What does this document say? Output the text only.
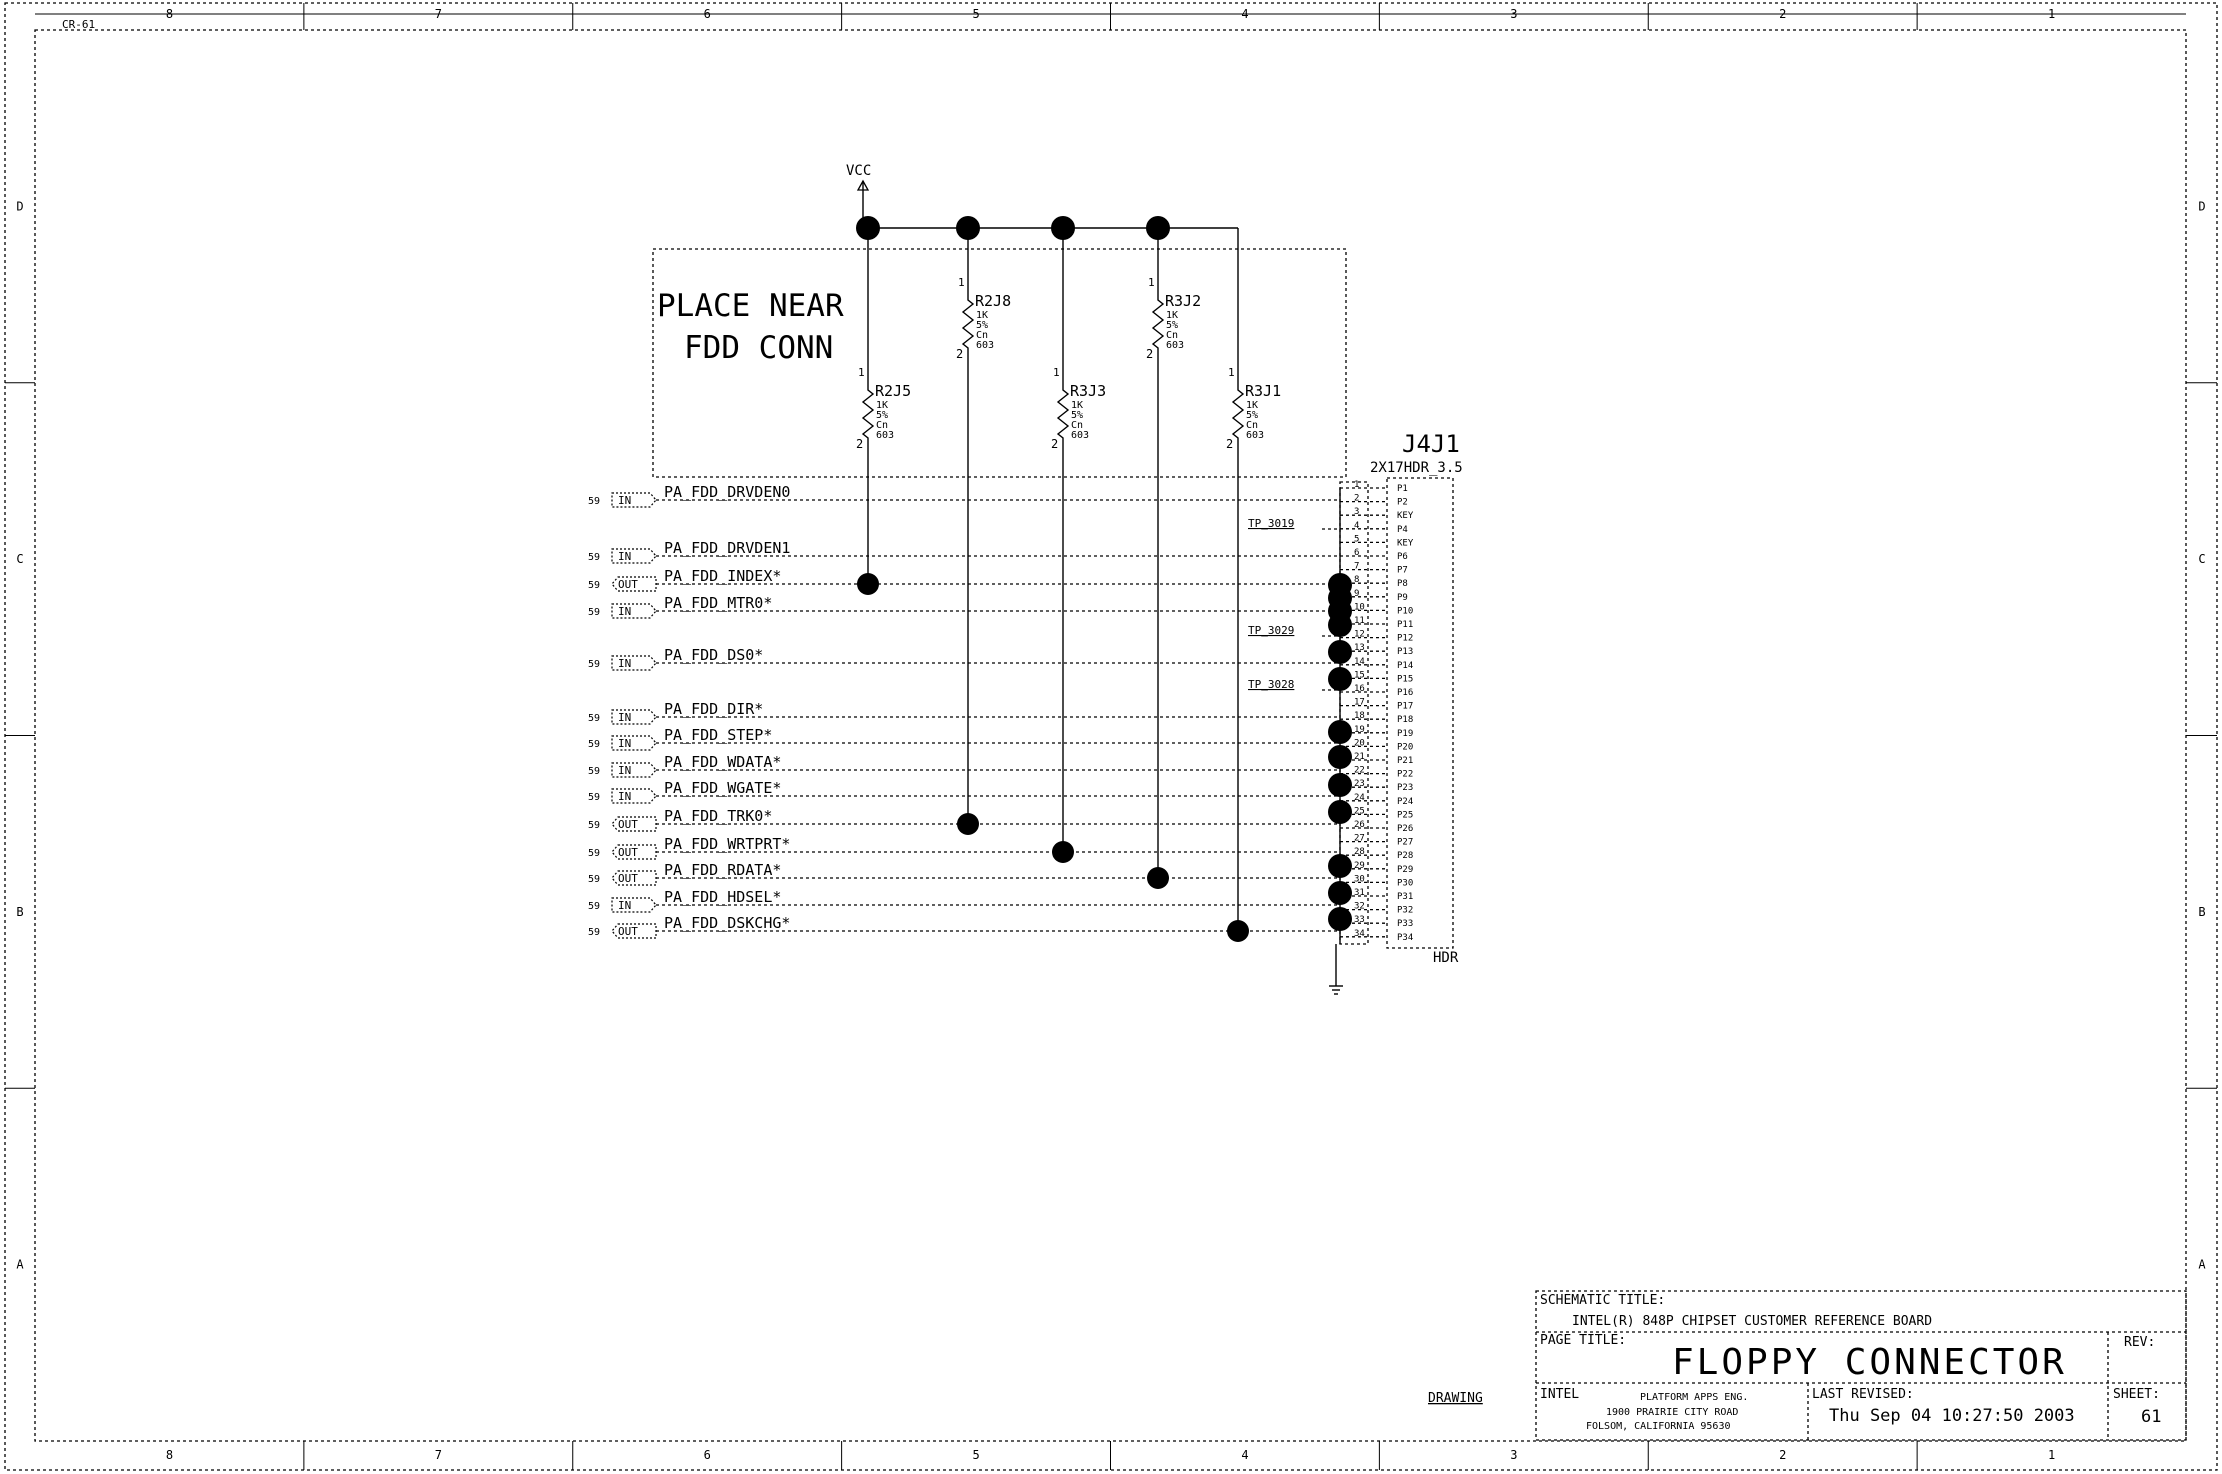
CR-61
8
8
7
7
6
6
5
5
4
4
3
3
2
2
1
1
D	D
C	C
B	B
A	A
VCC
PLACE NEAR
FDD CONN
1
2
R2J5
1K
5%
Cn
603
1
2
R2J8
1K
5%
Cn
603
1
2
R3J3
1K
5%
Cn
603
1
2
R3J2
1K
5%
Cn
603
1
2
R3J1
1K
5%
Cn
603
TP_3019
TP_3029
TP_3028
59 IN PA_FDD_DRVDEN0
59 IN PA_FDD_DRVDEN1
59 OUT PA_FDD_INDEX*
59 IN PA_FDD_MTR0*
59 IN PA_FDD_DS0*
59 IN PA_FDD_DIR*
59 IN PA_FDD_STEP*
59 IN PA_FDD_WDATA*
59 IN PA_FDD_WGATE*
59 OUT PA_FDD_TRK0*
59 OUT PA_FDD_WRTPRT*
59 OUT PA_FDD_RDATA*
59 IN PA_FDD_HDSEL*
59 OUT PA_FDD_DSKCHG*
J4J1
2X17HDR_3.5
HDR
1	P1
2	P2
3	KEY
4	P4
5	KEY
6	P6
7	P7
8	P8
9	P9
10	P10
11	P11
12	P12
13	P13
14	P14
15	P15
16	P16
17	P17
18	P18
19	P19
20	P20
21	P21
22	P22
23	P23
24	P24
25	P25
26	P26
27	P27
28	P28
29	P29
30	P30
31	P31
32	P32
33	P33
34	P34
SCHEMATIC TITLE:
INTEL(R) 848P CHIPSET CUSTOMER REFERENCE BOARD
PAGE TITLE:
FLOPPY CONNECTOR	REV:
INTEL	PLATFORM APPS ENG.
1900 PRAIRIE CITY ROAD
FOLSOM, CALIFORNIA 95630
LAST REVISED:
Thu Sep 04 10:27:50 2003
SHEET:
61
DRAWING
